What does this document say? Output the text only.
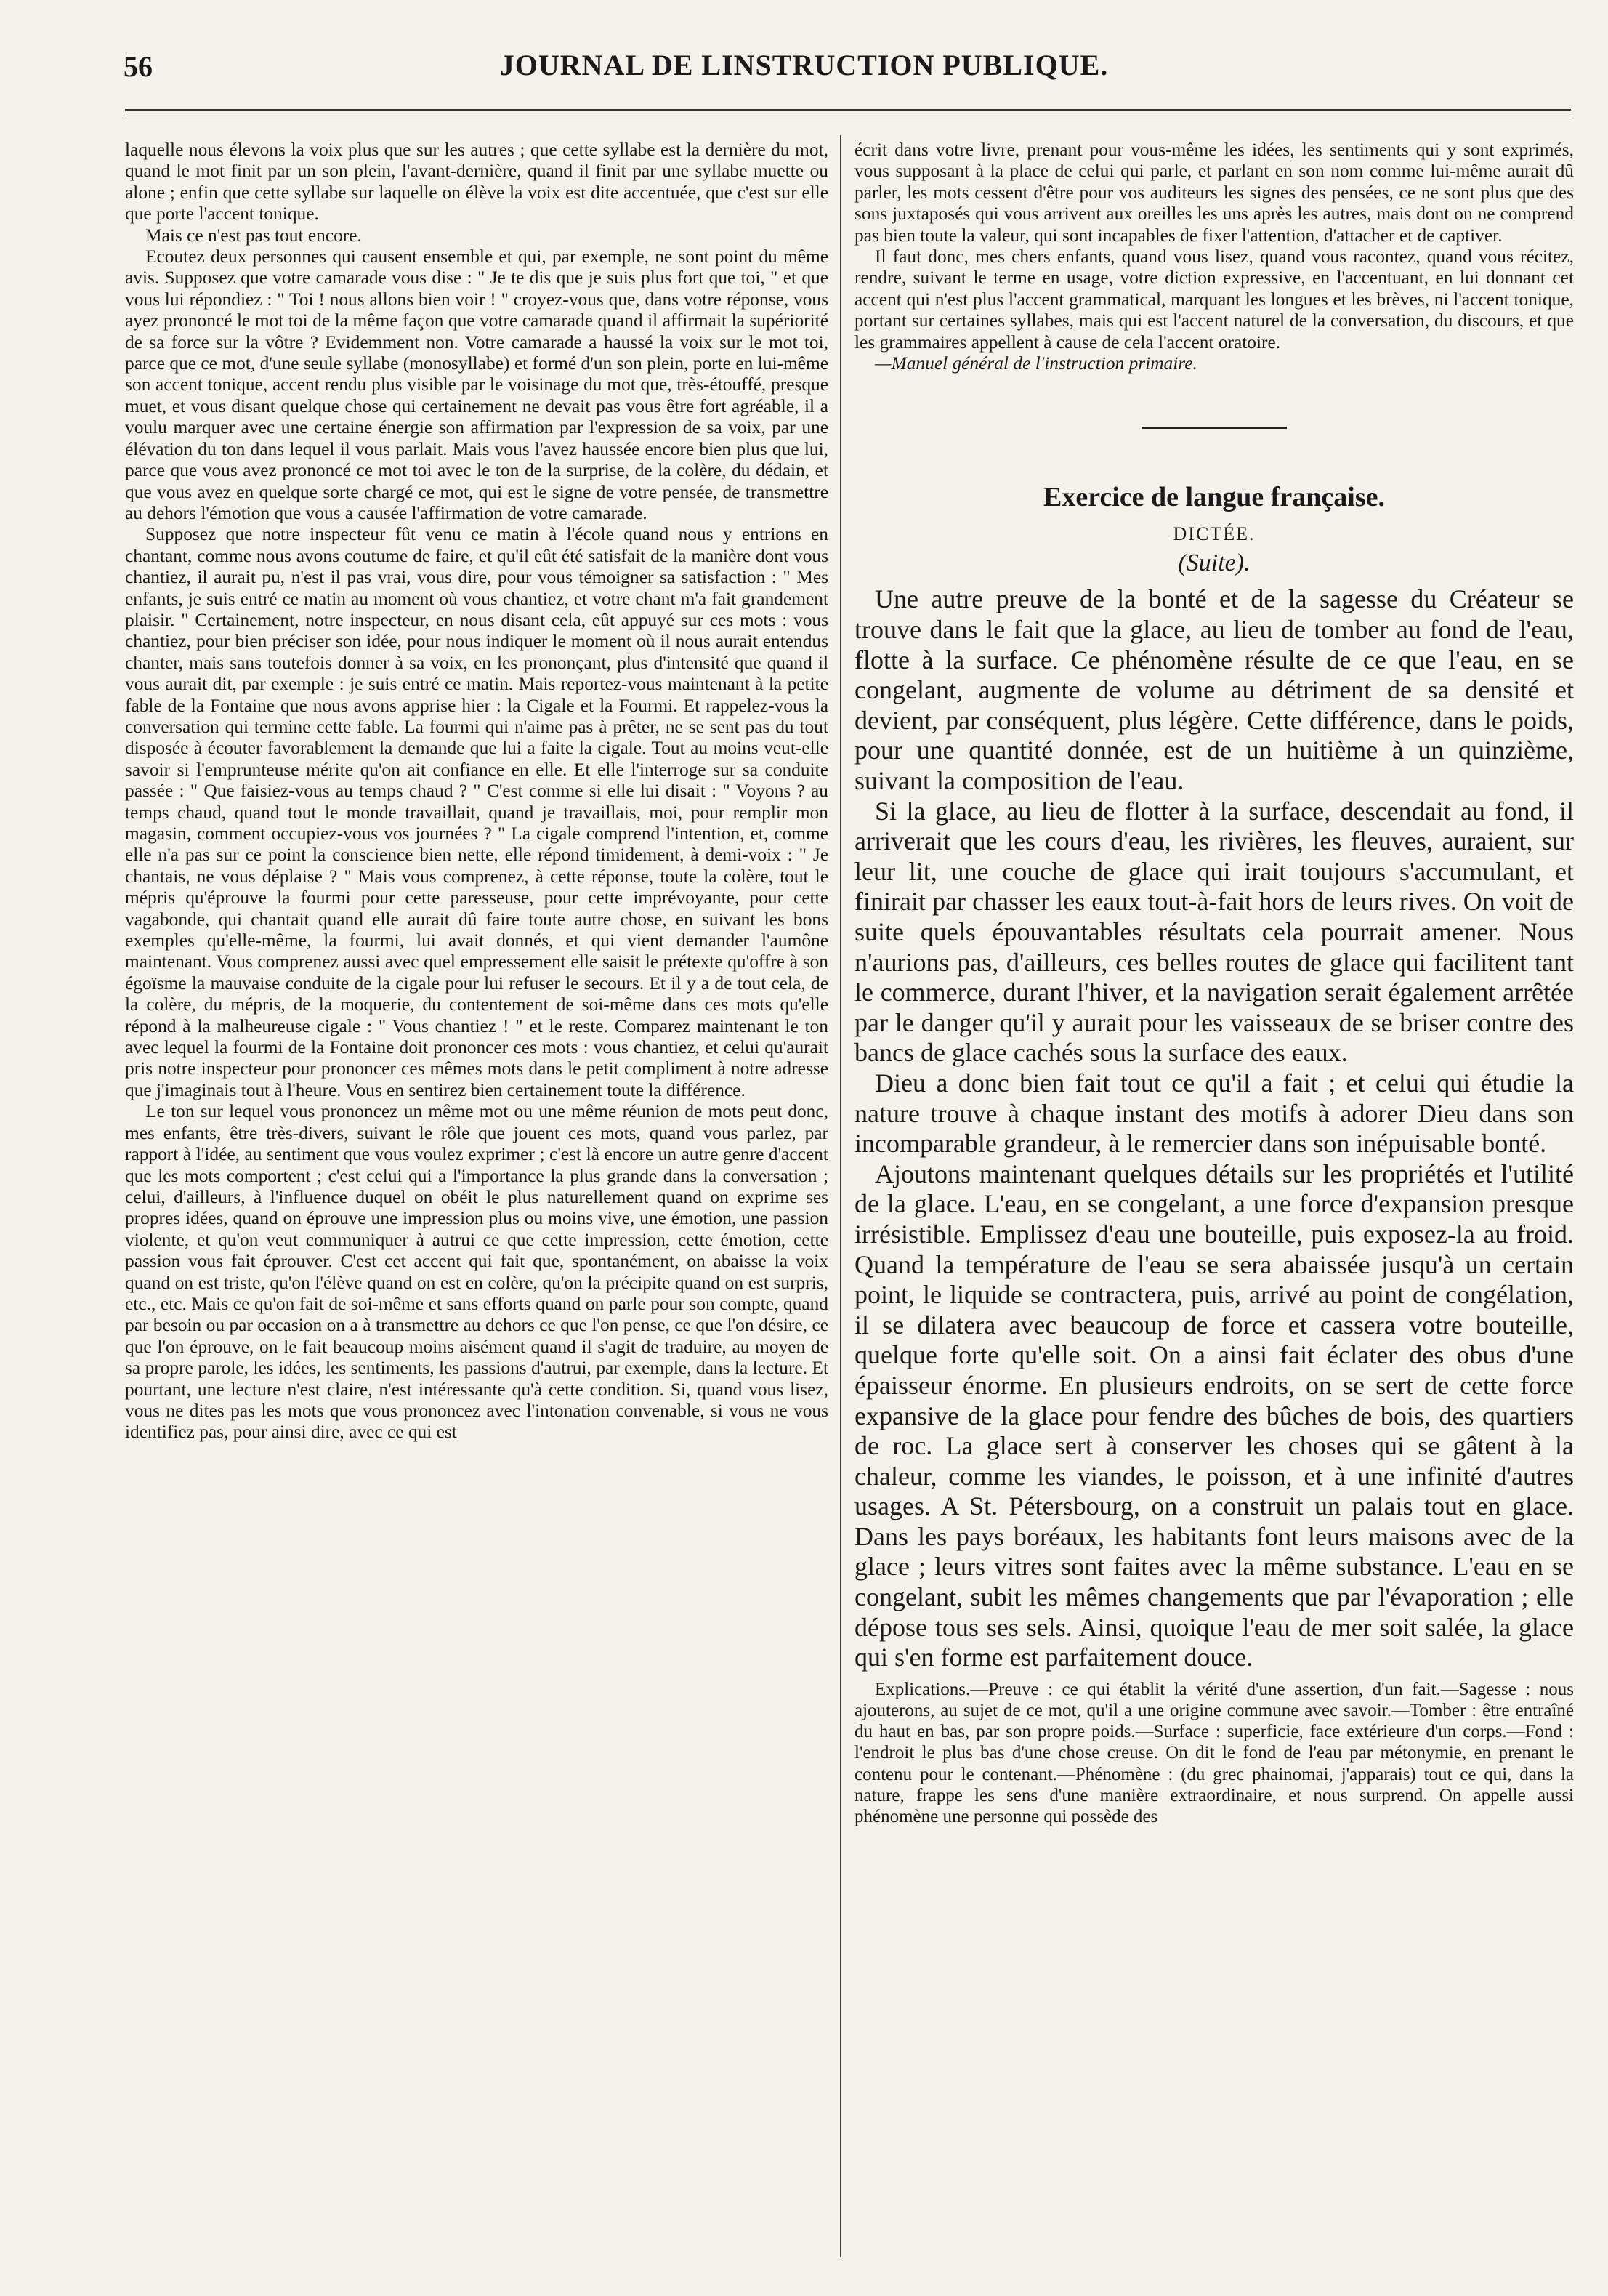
56	JOURNAL DE LINSTRUCTION PUBLIQUE.

laquelle nous élevons la voix plus que sur les autres ; que cette syllabe est la dernière du mot, quand le mot finit par un son plein, l'avant-dernière, quand il finit par une syllabe muette ou alone ; enfin que cette syllabe sur laquelle on élève la voix est dite accentuée, que c'est sur elle que porte l'accent tonique.

Mais ce n'est pas tout encore.

Ecoutez deux personnes qui causent ensemble et qui, par exemple, ne sont point du même avis. Supposez que votre camarade vous dise : " Je te dis que je suis plus fort que toi, " et que vous lui répondiez : " Toi ! nous allons bien voir ! " croyez-vous que, dans votre réponse, vous ayez prononcé le mot toi de la même façon que votre camarade quand il affirmait la supériorité de sa force sur la vôtre ? Evidemment non. Votre camarade a haussé la voix sur le mot toi, parce que ce mot, d'une seule syllabe (monosyllabe) et formé d'un son plein, porte en lui-même son accent tonique, accent rendu plus visible par le voisinage du mot que, très-étouffé, presque muet, et vous disant quelque chose qui certainement ne devait pas vous être fort agréable, il a voulu marquer avec une certaine énergie son affirmation par l'expression de sa voix, par une élévation du ton dans lequel il vous parlait. Mais vous l'avez haussée encore bien plus que lui, parce que vous avez prononcé ce mot toi avec le ton de la surprise, de la colère, du dédain, et que vous avez en quelque sorte chargé ce mot, qui est le signe de votre pensée, de transmettre au dehors l'émotion que vous a causée l'affirmation de votre camarade.

Supposez que notre inspecteur fût venu ce matin à l'école quand nous y entrions en chantant, comme nous avons coutume de faire, et qu'il eût été satisfait de la manière dont vous chantiez, il aurait pu, n'est il pas vrai, vous dire, pour vous témoigner sa satisfaction : " Mes enfants, je suis entré ce matin au moment où vous chantiez, et votre chant m'a fait grandement plaisir. " Certainement, notre inspecteur, en nous disant cela, eût appuyé sur ces mots : vous chantiez, pour bien préciser son idée, pour nous indiquer le moment où il nous aurait entendus chanter, mais sans toutefois donner à sa voix, en les prononçant, plus d'intensité que quand il vous aurait dit, par exemple : je suis entré ce matin. Mais reportez-vous maintenant à la petite fable de la Fontaine que nous avons apprise hier : la Cigale et la Fourmi. Et rappelez-vous la conversation qui termine cette fable. La fourmi qui n'aime pas à prêter, ne se sent pas du tout disposée à écouter favorablement la demande que lui a faite la cigale. Tout au moins veut-elle savoir si l'emprunteuse mérite qu'on ait confiance en elle. Et elle l'interroge sur sa conduite passée : " Que faisiez-vous au temps chaud ? " C'est comme si elle lui disait : " Voyons ? au temps chaud, quand tout le monde travaillait, quand je travaillais, moi, pour remplir mon magasin, comment occupiez-vous vos journées ? " La cigale comprend l'intention, et, comme elle n'a pas sur ce point la conscience bien nette, elle répond timidement, à demi-voix : " Je chantais, ne vous déplaise ? " Mais vous comprenez, à cette réponse, toute la colère, tout le mépris qu'éprouve la fourmi pour cette paresseuse, pour cette imprévoyante, pour cette vagabonde, qui chantait quand elle aurait dû faire toute autre chose, en suivant les bons exemples qu'elle-même, la fourmi, lui avait donnés, et qui vient demander l'aumône maintenant. Vous comprenez aussi avec quel empressement elle saisit le prétexte qu'offre à son égoïsme la mauvaise conduite de la cigale pour lui refuser le secours. Et il y a de tout cela, de la colère, du mépris, de la moquerie, du contentement de soi-même dans ces mots qu'elle répond à la malheureuse cigale : " Vous chantiez ! " et le reste. Comparez maintenant le ton avec lequel la fourmi de la Fontaine doit prononcer ces mots : vous chantiez, et celui qu'aurait pris notre inspecteur pour prononcer ces mêmes mots dans le petit compliment à notre adresse que j'imaginais tout à l'heure. Vous en sentirez bien certainement toute la différence.

Le ton sur lequel vous prononcez un même mot ou une même réunion de mots peut donc, mes enfants, être très-divers, suivant le rôle que jouent ces mots, quand vous parlez, par rapport à l'idée, au sentiment que vous voulez exprimer ; c'est là encore un autre genre d'accent que les mots comportent ; c'est celui qui a l'importance la plus grande dans la conversation ; celui, d'ailleurs, à l'influence duquel on obéit le plus naturellement quand on exprime ses propres idées, quand on éprouve une impression plus ou moins vive, une émotion, une passion violente, et qu'on veut communiquer à autrui ce que cette impression, cette émotion, cette passion vous fait éprouver. C'est cet accent qui fait que, spontanément, on abaisse la voix quand on est triste, qu'on l'élève quand on est en colère, qu'on la précipite quand on est surpris, etc., etc. Mais ce qu'on fait de soi-même et sans efforts quand on parle pour son compte, quand par besoin ou par occasion on a à transmettre au dehors ce que l'on pense, ce que l'on désire, ce que l'on éprouve, on le fait beaucoup moins aisément quand il s'agit de traduire, au moyen de sa propre parole, les idées, les sentiments, les passions d'autrui, par exemple, dans la lecture. Et pourtant, une lecture n'est claire, n'est intéressante qu'à cette condition. Si, quand vous lisez, vous ne dites pas les mots que vous prononcez avec l'intonation convenable, si vous ne vous identifiez pas, pour ainsi dire, avec ce qui est

écrit dans votre livre, prenant pour vous-même les idées, les sentiments qui y sont exprimés, vous supposant à la place de celui qui parle, et parlant en son nom comme lui-même aurait dû parler, les mots cessent d'être pour vos auditeurs les signes des pensées, ce ne sont plus que des sons juxtaposés qui vous arrivent aux oreilles les uns après les autres, mais dont on ne comprend pas bien toute la valeur, qui sont incapables de fixer l'attention, d'attacher et de captiver.

Il faut donc, mes chers enfants, quand vous lisez, quand vous racontez, quand vous récitez, rendre, suivant le terme en usage, votre diction expressive, en l'accentuant, en lui donnant cet accent qui n'est plus l'accent grammatical, marquant les longues et les brèves, ni l'accent tonique, portant sur certaines syllabes, mais qui est l'accent naturel de la conversation, du discours, et que les grammaires appellent à cause de cela l'accent oratoire.

—Manuel général de l'instruction primaire.

Exercice de langue française.
DICTÉE.
(Suite).

Une autre preuve de la bonté et de la sagesse du Créateur se trouve dans le fait que la glace, au lieu de tomber au fond de l'eau, flotte à la surface. Ce phénomène résulte de ce que l'eau, en se congelant, augmente de volume au détriment de sa densité et devient, par conséquent, plus légère. Cette différence, dans le poids, pour une quantité donnée, est de un huitième à un quinzième, suivant la composition de l'eau.

Si la glace, au lieu de flotter à la surface, descendait au fond, il arriverait que les cours d'eau, les rivières, les fleuves, auraient, sur leur lit, une couche de glace qui irait toujours s'accumulant, et finirait par chasser les eaux tout-à-fait hors de leurs rives. On voit de suite quels épouvantables résultats cela pourrait amener. Nous n'aurions pas, d'ailleurs, ces belles routes de glace qui facilitent tant le commerce, durant l'hiver, et la navigation serait également arrêtée par le danger qu'il y aurait pour les vaisseaux de se briser contre des bancs de glace cachés sous la surface des eaux.

Dieu a donc bien fait tout ce qu'il a fait ; et celui qui étudie la nature trouve à chaque instant des motifs à adorer Dieu dans son incomparable grandeur, à le remercier dans son inépuisable bonté.

Ajoutons maintenant quelques détails sur les propriétés et l'utilité de la glace. L'eau, en se congelant, a une force d'expansion presque irrésistible. Emplissez d'eau une bouteille, puis exposez-la au froid. Quand la température de l'eau se sera abaissée jusqu'à un certain point, le liquide se contractera, puis, arrivé au point de congélation, il se dilatera avec beaucoup de force et cassera votre bouteille, quelque forte qu'elle soit. On a ainsi fait éclater des obus d'une épaisseur énorme. En plusieurs endroits, on se sert de cette force expansive de la glace pour fendre des bûches de bois, des quartiers de roc. La glace sert à conserver les choses qui se gâtent à la chaleur, comme les viandes, le poisson, et à une infinité d'autres usages. A St. Pétersbourg, on a construit un palais tout en glace. Dans les pays boréaux, les habitants font leurs maisons avec de la glace ; leurs vitres sont faites avec la même substance. L'eau en se congelant, subit les mêmes changements que par l'évaporation ; elle dépose tous ses sels. Ainsi, quoique l'eau de mer soit salée, la glace qui s'en forme est parfaitement douce.

Explications.—Preuve : ce qui établit la vérité d'une assertion, d'un fait.—Sagesse : nous ajouterons, au sujet de ce mot, qu'il a une origine commune avec savoir.—Tomber : être entraîné du haut en bas, par son propre poids.—Surface : superficie, face extérieure d'un corps.—Fond : l'endroit le plus bas d'une chose creuse. On dit le fond de l'eau par métonymie, en prenant le contenu pour le contenant.—Phénomène : (du grec phainomai, j'apparais) tout ce qui, dans la nature, frappe les sens d'une manière extraordinaire, et nous surprend. On appelle aussi phénomène une personne qui possède des
